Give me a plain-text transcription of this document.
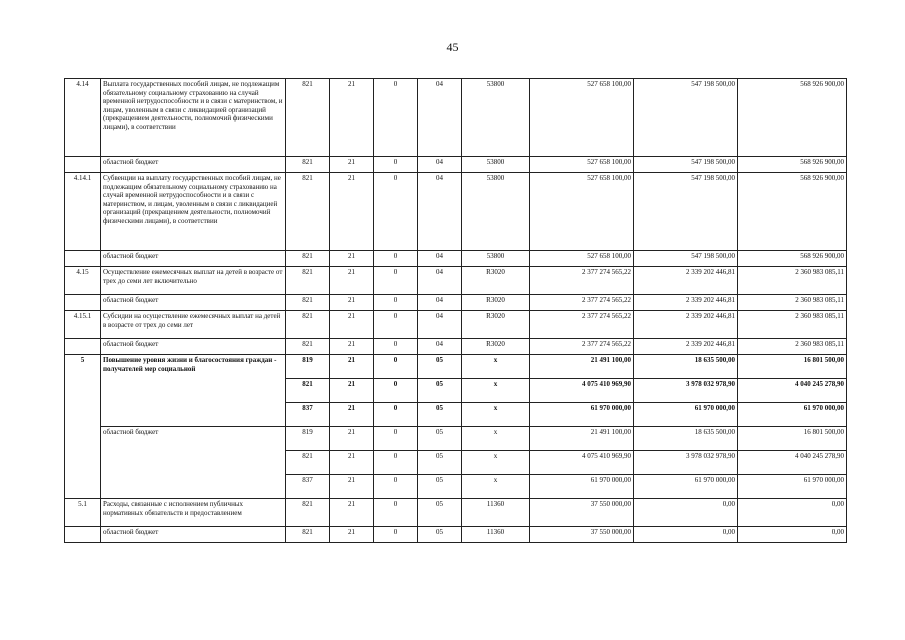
45
4.14	Выплата государственных пособий лицам, не подлежащим обязательному социальному страхованию на случай временной нетрудоспособности и в связи с материнством, и лицам, уволенным в связи с ликвидацией организаций (прекращением деятельности, полномочий физическими лицами), в соответствии	821	21	0	04	53800	527 658 100,00	547 198 500,00	568 926 900,00
	областной бюджет	821	21	0	04	53800	527 658 100,00	547 198 500,00	568 926 900,00
4.14.1	Субвенции на выплату государственных пособий лицам, не подлежащим обязательному социальному страхованию на случай временной нетрудоспособности и в связи с материнством, и лицам, уволенным в связи с ликвидацией организаций (прекращением деятельности, полномочий физическими лицами), в соответствии	821	21	0	04	53800	527 658 100,00	547 198 500,00	568 926 900,00
	областной бюджет	821	21	0	04	53800	527 658 100,00	547 198 500,00	568 926 900,00
4.15	Осуществление ежемесячных выплат на детей в возрасте от трех до семи лет включительно	821	21	0	04	R3020	2 377 274 565,22	2 339 202 446,81	2 360 983 085,11
	областной бюджет	821	21	0	04	R3020	2 377 274 565,22	2 339 202 446,81	2 360 983 085,11
4.15.1	Субсидии на осуществление ежемесячных выплат на детей в возрасте от трех до семи лет	821	21	0	04	R3020	2 377 274 565,22	2 339 202 446,81	2 360 983 085,11
	областной бюджет	821	21	0	04	R3020	2 377 274 565,22	2 339 202 446,81	2 360 983 085,11
5	Повышение уровня жизни и благосостояния граждан - получателей мер социальной	819	21	0	05	х	21 491 100,00	18 635 500,00	16 801 500,00
		821	21	0	05	х	4 075 410 969,90	3 978 032 978,90	4 040 245 278,90
		837	21	0	05	х	61 970 000,00	61 970 000,00	61 970 000,00
	областной бюджет	819	21	0	05	х	21 491 100,00	18 635 500,00	16 801 500,00
		821	21	0	05	х	4 075 410 969,90	3 978 032 978,90	4 040 245 278,90
		837	21	0	05	х	61 970 000,00	61 970 000,00	61 970 000,00
5.1	Расходы, связанные с исполнением публичных нормативных обязательств и предоставлением	821	21	0	05	11360	37 550 000,00	0,00	0,00
	областной бюджет	821	21	0	05	11360	37 550 000,00	0,00	0,00
